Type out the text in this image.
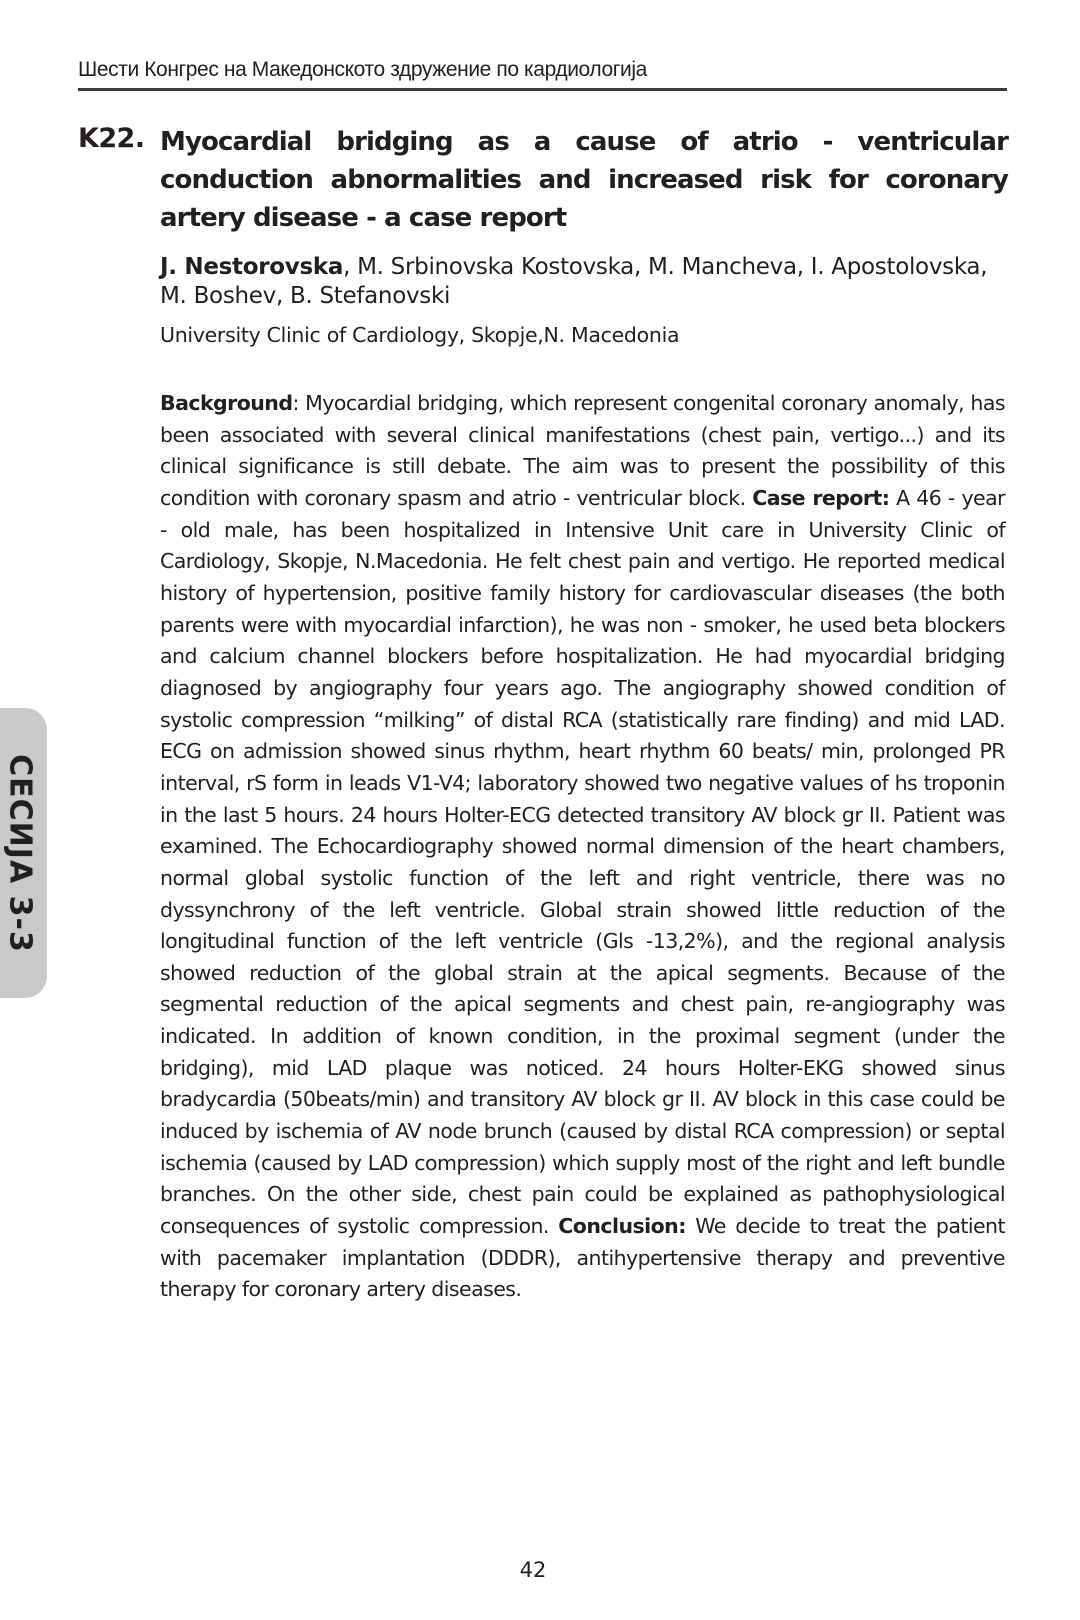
Шести Конгрес на Македонското здружение по кардиологија
СЕСИЈА 3-3
K22. Myocardial bridging as a cause of atrio - ventricular conduction abnormalities and increased risk for coronary artery disease - a case report
J. Nestorovska, M. Srbinovska Kostovska, M. Mancheva, I. Apostolovska, M. Boshev, B. Stefanovski
University Clinic of Cardiology, Skopje,N. Macedonia
Background: Myocardial bridging, which represent congenital coronary anomaly, has been associated with several clinical manifestations (chest pain, vertigo...) and its clinical significance is still debate. The aim was to present the possibility of this condition with coronary spasm and atrio - ventricular block. Case report: A 46 - year - old male, has been hospitalized in Intensive Unit care in University Clinic of Cardiology, Skopje, N.Macedonia. He felt chest pain and vertigo. He reported medical history of hypertension, positive family history for cardiovascular diseases (the both parents were with myocardial infarction), he was non - smoker, he used beta blockers and calcium channel blockers before hospitalization. He had myocardial bridging diagnosed by angiography four years ago. The angiography showed condition of systolic compression “milking” of distal RCA (statistically rare finding) and mid LAD. ECG on admission showed sinus rhythm, heart rhythm 60 beats/ min, prolonged PR interval, rS form in leads V1-V4; laboratory showed two negative values of hs troponin in the last 5 hours. 24 hours Holter-ECG detected transitory AV block gr II. Patient was examined. The Echocardiography showed normal dimension of the heart chambers, normal global systolic function of the left and right ventricle, there was no dyssynchrony of the left ventricle. Global strain showed little reduction of the longitudinal function of the left ventricle (Gls -13,2%), and the regional analysis showed reduction of the global strain at the apical segments. Because of the segmental reduction of the apical segments and chest pain, re-angiography was indicated. In addition of known condition, in the proximal segment (under the bridging), mid LAD plaque was noticed. 24 hours Holter-EKG showed sinus bradycardia (50beats/min) and transitory AV block gr II. AV block in this case could be induced by ischemia of AV node brunch (caused by distal RCA compression) or septal ischemia (caused by LAD compression) which supply most of the right and left bundle branches. On the other side, chest pain could be explained as pathophysiological consequences of systolic compression. Conclusion: We decide to treat the patient with pacemaker implantation (DDDR), antihypertensive therapy and preventive therapy for coronary artery diseases.
42
